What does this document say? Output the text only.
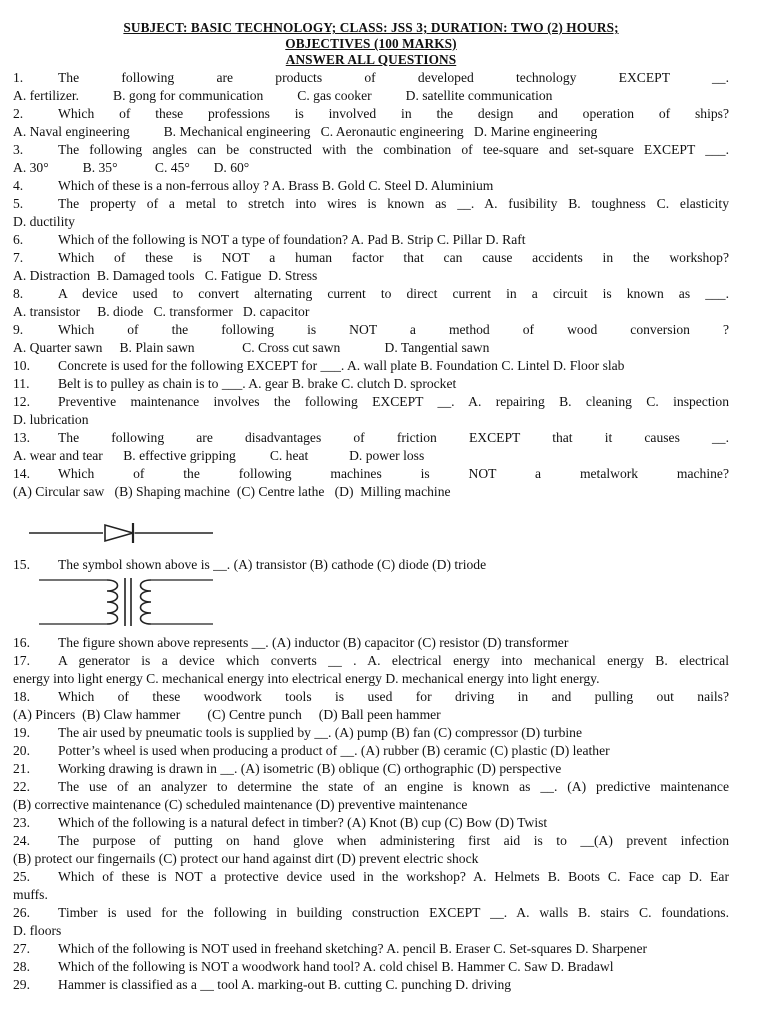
SUBJECT: BASIC TECHNOLOGY; CLASS: JSS 3; DURATION: TWO (2) HOURS;
OBJECTIVES (100 MARKS)
ANSWER ALL QUESTIONS
1.	The following are products of developed technology EXCEPT __.
A. fertilizer.          B. gong for communication          C. gas cooker          D. satellite communication
2.	Which of these professions is involved in the design and operation of ships?
A. Naval engineering          B. Mechanical engineering   C. Aeronautic engineering   D. Marine engineering
3.	The following angles can be constructed with the combination of tee-square and set-square EXCEPT ___.
A. 30°          B. 35°           C. 45°       D. 60°
4.	Which of these is a non-ferrous alloy ? A. Brass B. Gold C. Steel D. Aluminium
5.	The property of a metal to stretch into wires is known as __. A. fusibility B. toughness C. elasticity
D. ductility
6.	Which of the following is NOT a type of foundation? A. Pad B. Strip C. Pillar D. Raft
7.	Which of these is NOT a human factor that can cause accidents in the workshop?
A. Distraction  B. Damaged tools   C. Fatigue  D. Stress
8.	A device used to convert alternating current to direct current in a circuit is known as ___.
A. transistor     B. diode   C. transformer   D. capacitor
9.	Which of the following is NOT a method of wood conversion ?
A. Quarter sawn     B. Plain sawn              C. Cross cut sawn             D. Tangential sawn
10.	Concrete is used for the following EXCEPT for ___. A. wall plate B. Foundation C. Lintel D. Floor slab
11.	Belt is to pulley as chain is to ___. A. gear B. brake C. clutch D. sprocket
12.	Preventive maintenance involves the following EXCEPT __. A. repairing B. cleaning C. inspection
D. lubrication
13.	The following are disadvantages of friction EXCEPT that it causes __.
A. wear and tear      B. effective gripping          C. heat            D. power loss
14.	Which of the following machines is NOT a metalwork machine?
(A) Circular saw   (B) Shaping machine  (C) Centre lathe   (D)  Milling machine
15.	The symbol shown above is __. (A) transistor (B) cathode (C) diode (D) triode
16.	The figure shown above represents __. (A) inductor (B) capacitor (C) resistor (D) transformer
17.	A generator is a device which converts __ . A. electrical energy into mechanical energy B. electrical
energy into light energy C. mechanical energy into electrical energy D. mechanical energy into light energy.
18.	Which of these woodwork tools is used for driving in and pulling out nails?
(A) Pincers  (B) Claw hammer        (C) Centre punch     (D) Ball peen hammer
19.	The air used by pneumatic tools is supplied by __. (A) pump (B) fan (C) compressor (D) turbine
20.	Potter’s wheel is used when producing a product of __. (A) rubber (B) ceramic (C) plastic (D) leather
21.	Working drawing is drawn in __. (A) isometric (B) oblique (C) orthographic (D) perspective
22.	The use of an analyzer to determine the state of an engine is known as __. (A) predictive maintenance
(B) corrective maintenance (C) scheduled maintenance (D) preventive maintenance
23.	Which of the following is a natural defect in timber? (A) Knot (B) cup (C) Bow (D) Twist
24.	The purpose of putting on hand glove when administering first aid is to __(A) prevent infection
(B) protect our fingernails (C) protect our hand against dirt (D) prevent electric shock
25.	Which of these is NOT a protective device used in the workshop? A. Helmets B. Boots C. Face cap D. Ear
muffs.
26.	Timber is used for the following in building construction EXCEPT __. A. walls B. stairs C. foundations.
D. floors
27.	Which of the following is NOT used in freehand sketching? A. pencil B. Eraser C. Set-squares D. Sharpener
28.	Which of the following is NOT a woodwork hand tool? A. cold chisel B. Hammer C. Saw D. Bradawl
29.	Hammer is classified as a __ tool A. marking-out B. cutting C. punching D. driving
